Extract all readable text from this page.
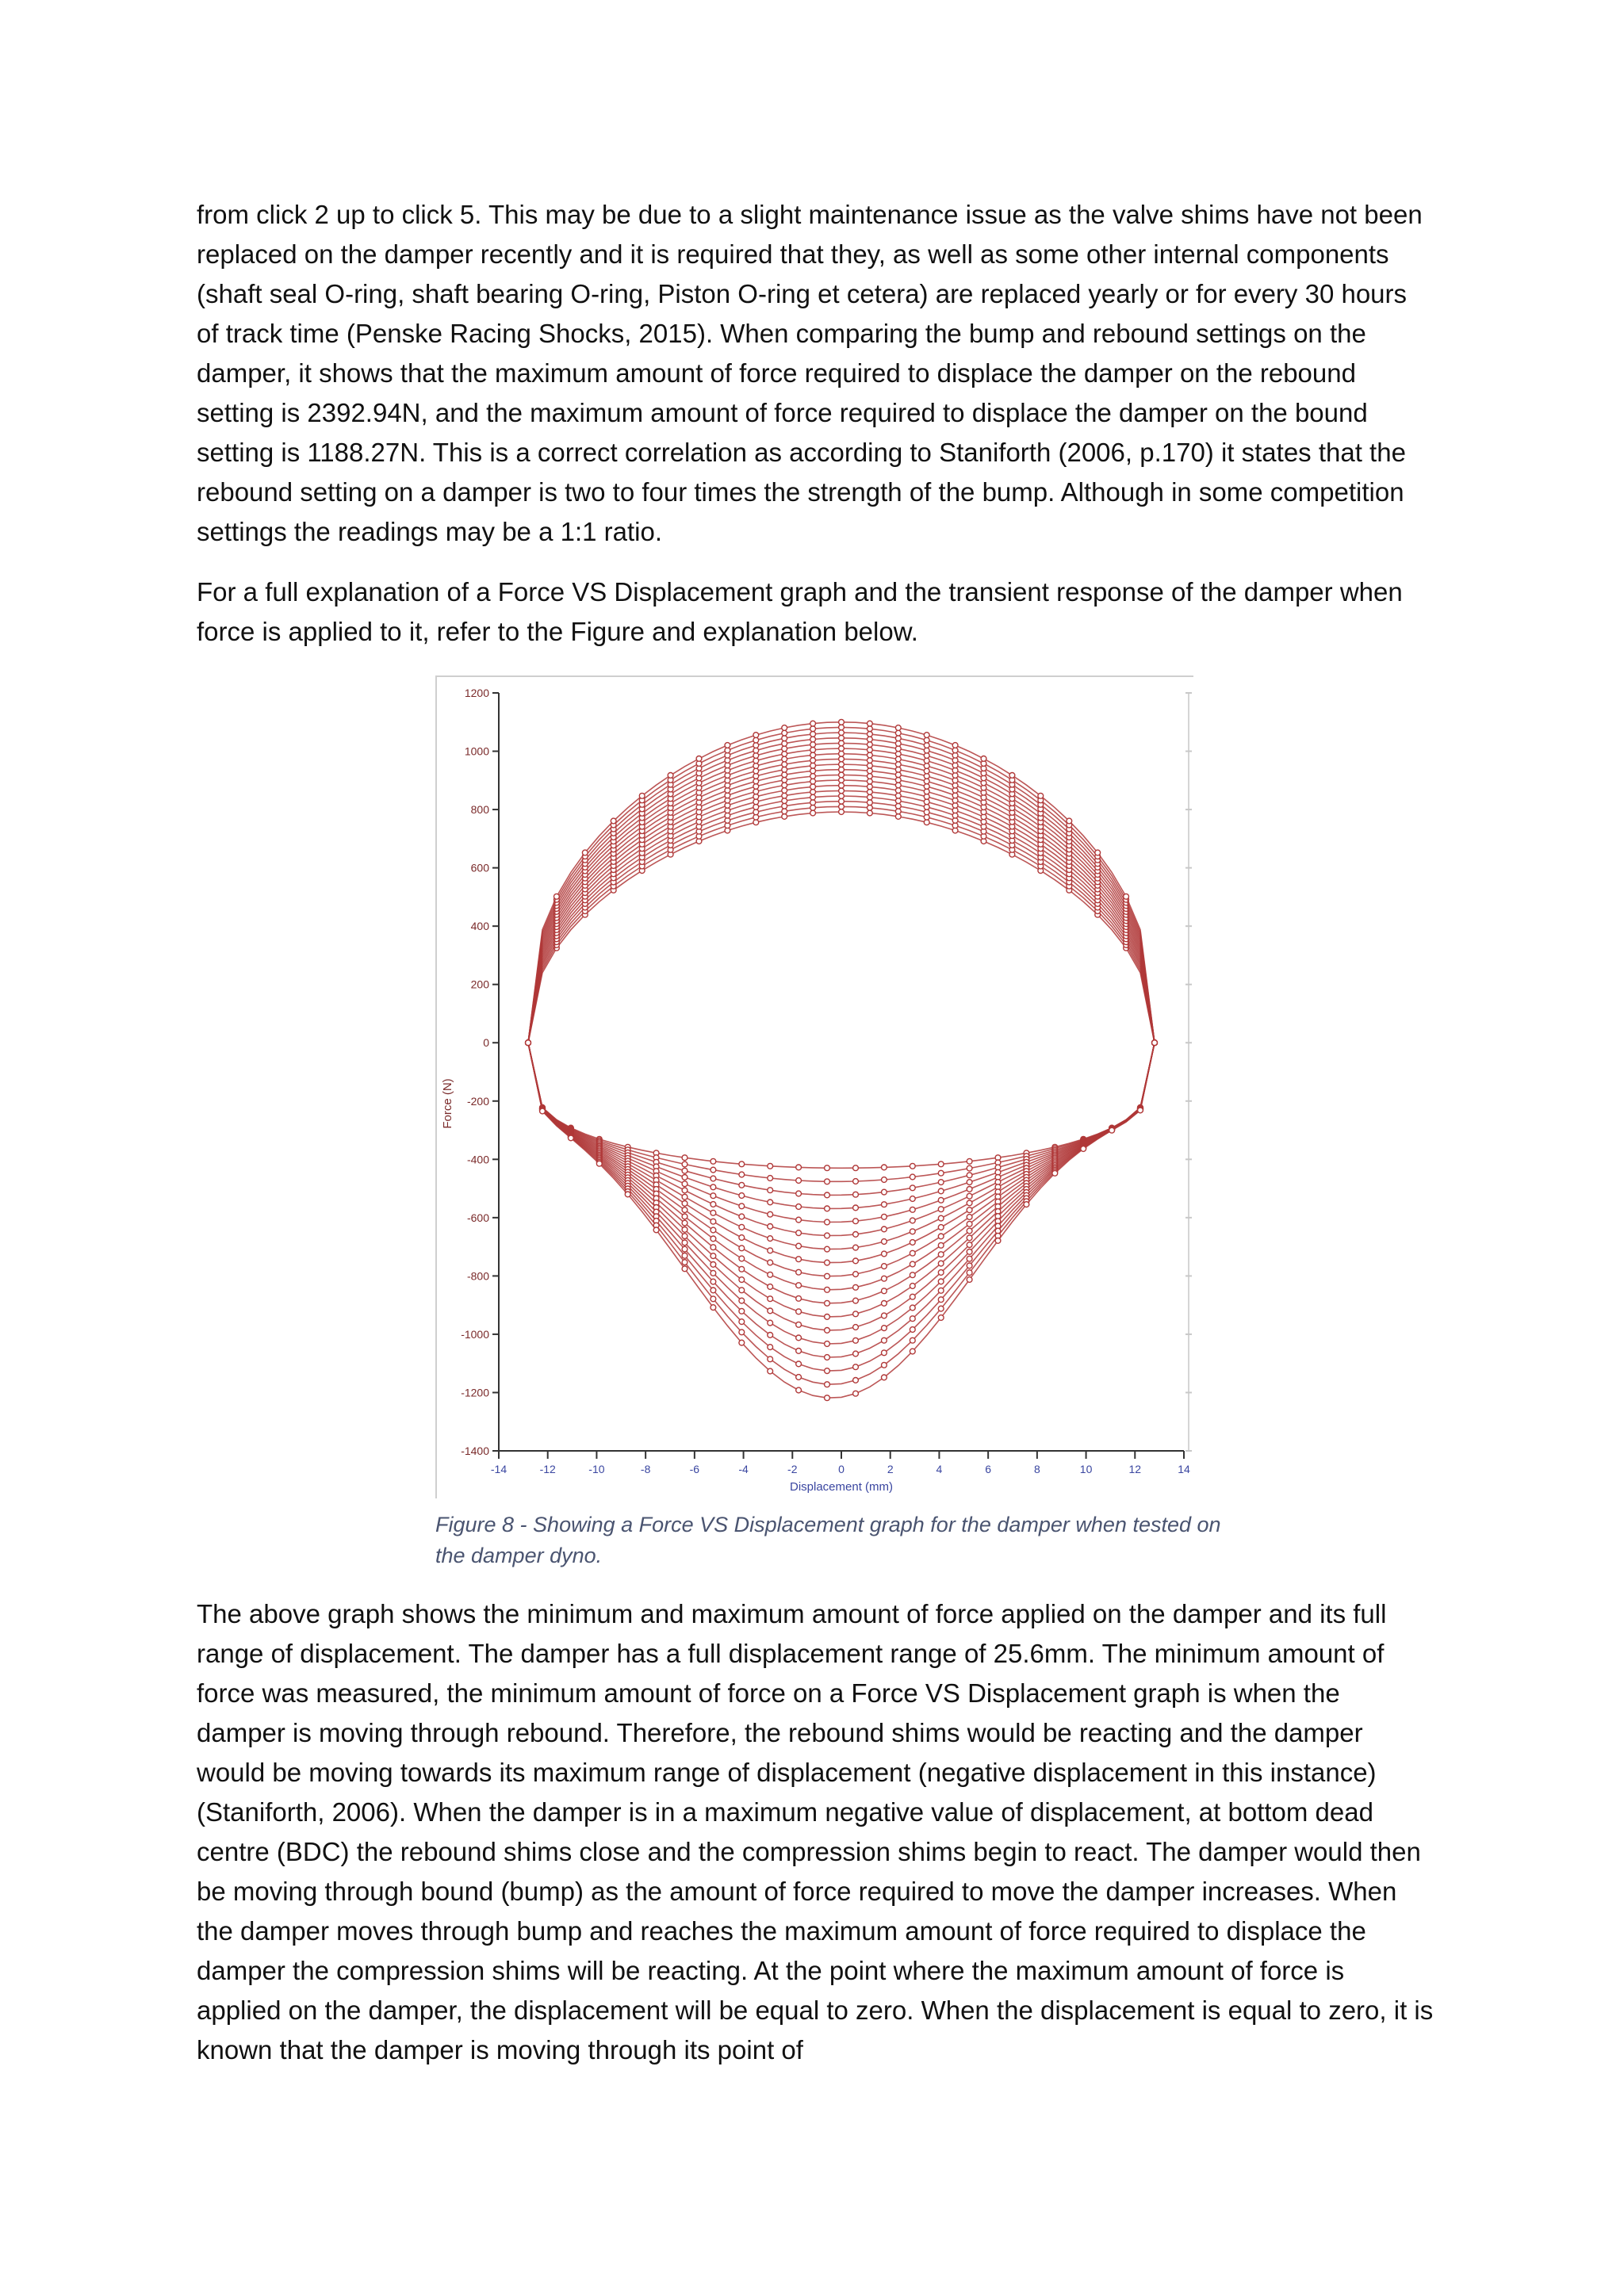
from click 2 up to click 5. This may be due to a slight maintenance issue as the valve shims have not been replaced on the damper recently and it is required that they, as well as some other internal components (shaft seal O-ring, shaft bearing O-ring, Piston O-ring et cetera) are replaced yearly or for every 30 hours of track time (Penske Racing Shocks, 2015). When comparing the bump and rebound settings on the damper, it shows that the maximum amount of force required to displace the damper on the rebound setting is 2392.94N, and the maximum amount of force required to displace the damper on the bound setting is 1188.27N. This is a correct correlation as according to Staniforth (2006, p.170) it states that the rebound setting on a damper is two to four times the strength of the bump. Although in some competition settings the readings may be a 1:1 ratio.

For a full explanation of a Force VS Displacement graph and the transient response of the damper when force is applied to it, refer to the Figure and explanation below.

1200
1000
800
600
400
200
0
-200
-400
-600
-800
-1000
-1200
-1400
-14	-12	-10	-8	-6	-4	-2	0	2	4	6	8	10	12	14
Displacement (mm)
Force (N)

Figure 8 - Showing a Force VS Displacement graph for the damper when tested on the damper dyno.

The above graph shows the minimum and maximum amount of force applied on the damper and its full range of displacement. The damper has a full displacement range of 25.6mm. The minimum amount of force was measured, the minimum amount of force on a Force VS Displacement graph is when the damper is moving through rebound. Therefore, the rebound shims would be reacting and the damper would be moving towards its maximum range of displacement (negative displacement in this instance) (Staniforth, 2006). When the damper is in a maximum negative value of displacement, at bottom dead centre (BDC) the rebound shims close and the compression shims begin to react. The damper would then be moving through bound (bump) as the amount of force required to move the damper increases. When the damper moves through bump and reaches the maximum amount of force required to displace the damper the compression shims will be reacting. At the point where the maximum amount of force is applied on the damper, the displacement will be equal to zero. When the displacement is equal to zero, it is known that the damper is moving through its point of
